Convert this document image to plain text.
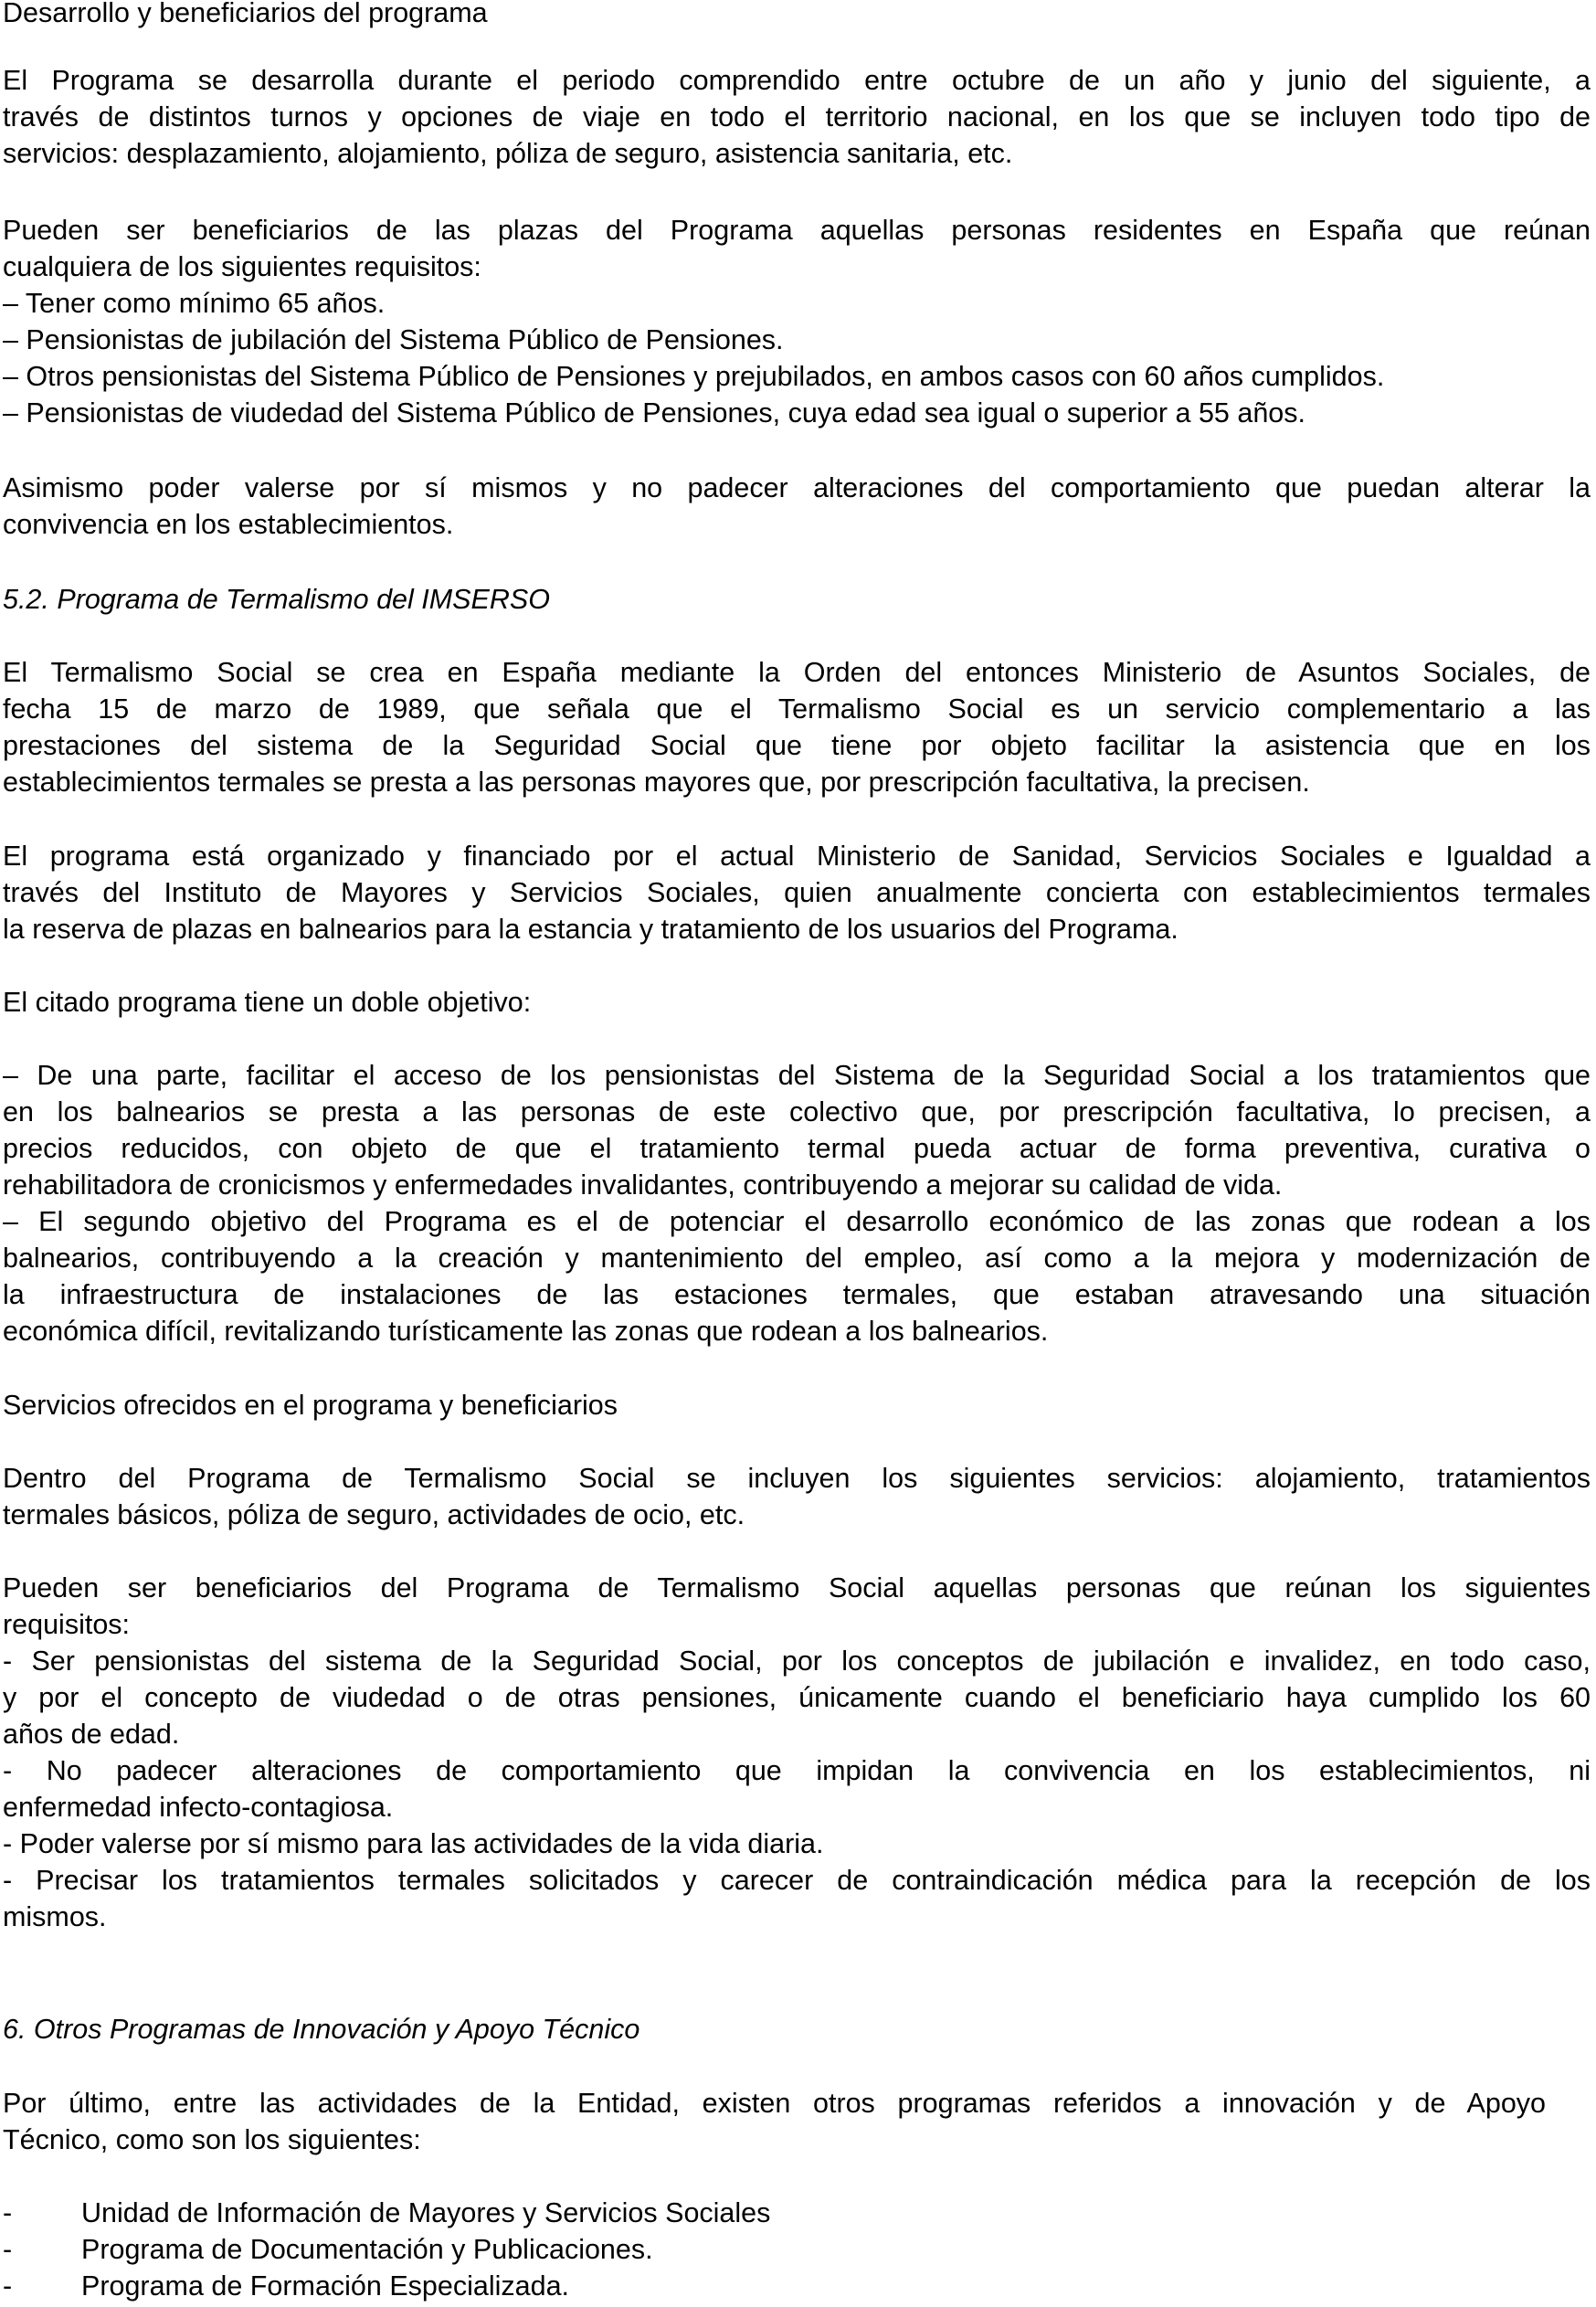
Desarrollo y beneficiarios del programa
El Programa se desarrolla durante el periodo comprendido entre octubre de un año y junio del siguiente, a
través de distintos turnos y opciones de viaje en todo el territorio nacional, en los que se incluyen todo tipo de
servicios: desplazamiento, alojamiento, póliza de seguro, asistencia sanitaria, etc.
Pueden ser beneficiarios de las plazas del Programa aquellas personas residentes en España que reúnan
cualquiera de los siguientes requisitos:
– Tener como mínimo 65 años.
– Pensionistas de jubilación del Sistema Público de Pensiones.
– Otros pensionistas del Sistema Público de Pensiones y prejubilados, en ambos casos con 60 años cumplidos.
– Pensionistas de viudedad del Sistema Público de Pensiones, cuya edad sea igual o superior a 55 años.
Asimismo poder valerse por sí mismos y no padecer alteraciones del comportamiento que puedan alterar la
convivencia en los establecimientos.
5.2. Programa de Termalismo del IMSERSO
El Termalismo Social se crea en España mediante la Orden del entonces Ministerio de Asuntos Sociales, de
fecha 15 de marzo de 1989, que señala que el Termalismo Social es un servicio complementario a las
prestaciones del sistema de la Seguridad Social que tiene por objeto facilitar la asistencia que en los
establecimientos termales se presta a las personas mayores que, por prescripción facultativa, la precisen.
El programa está organizado y financiado por el actual Ministerio de Sanidad, Servicios Sociales e Igualdad a
través del Instituto de Mayores y Servicios Sociales, quien anualmente concierta con establecimientos termales
la reserva de plazas en balnearios para la estancia y tratamiento de los usuarios del Programa.
El citado programa tiene un doble objetivo:
– De una parte, facilitar el acceso de los pensionistas del Sistema de la Seguridad Social a los tratamientos que
en los balnearios se presta a las personas de este colectivo que, por prescripción facultativa, lo precisen, a
precios reducidos, con objeto de que el tratamiento termal pueda actuar de forma preventiva, curativa o
rehabilitadora de cronicismos y enfermedades invalidantes, contribuyendo a mejorar su calidad de vida.
– El segundo objetivo del Programa es el de potenciar el desarrollo económico de las zonas que rodean a los
balnearios, contribuyendo a la creación y mantenimiento del empleo, así como a la mejora y modernización de
la infraestructura de instalaciones de las estaciones termales, que estaban atravesando una situación
económica difícil, revitalizando turísticamente las zonas que rodean a los balnearios.
Servicios ofrecidos en el programa y beneficiarios
Dentro del Programa de Termalismo Social se incluyen los siguientes servicios: alojamiento, tratamientos
termales básicos, póliza de seguro, actividades de ocio, etc.
Pueden ser beneficiarios del Programa de Termalismo Social aquellas personas que reúnan los siguientes
requisitos:
- Ser pensionistas del sistema de la Seguridad Social, por los conceptos de jubilación e invalidez, en todo caso,
y por el concepto de viudedad o de otras pensiones, únicamente cuando el beneficiario haya cumplido los 60
años de edad.
- No padecer alteraciones de comportamiento que impidan la convivencia en los establecimientos, ni
enfermedad infecto-contagiosa.
- Poder valerse por sí mismo para las actividades de la vida diaria.
- Precisar los tratamientos termales solicitados y carecer de contraindicación médica para la recepción de los
mismos.
6. Otros Programas de Innovación y Apoyo Técnico
Por último, entre las actividades de la Entidad, existen otros programas referidos a innovación y de Apoyo
Técnico, como son los siguientes:
- Unidad de Información de Mayores y Servicios Sociales
- Programa de Documentación y Publicaciones.
- Programa de Formación Especializada.
